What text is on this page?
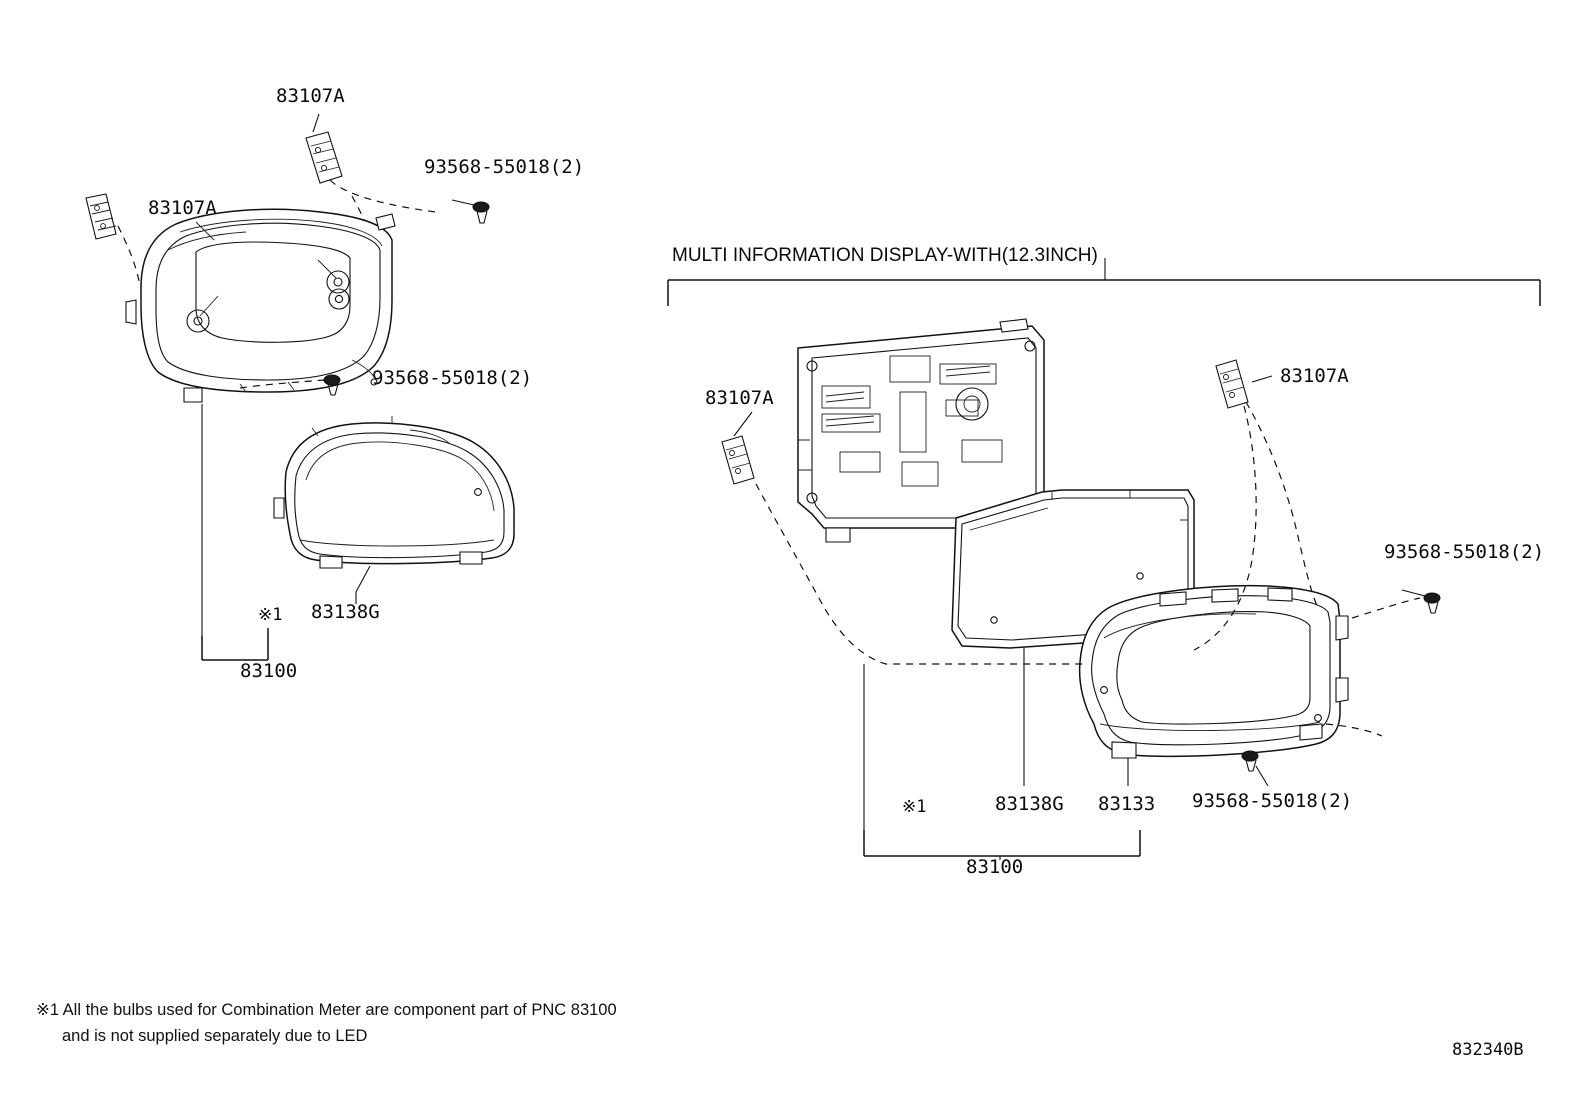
MULTI INFORMATION DISPLAY-WITH(12.3INCH)
83107A
83107A
93568-55018(2)
93568-55018(2)
83138G
※1
83100
83107A
83107A
93568-55018(2)
93568-55018(2)
83138G 83133
※1
83100
※1 All the bulbs used for Combination Meter are component part of PNC 83100
and is not supplied separately due to LED
832340B
